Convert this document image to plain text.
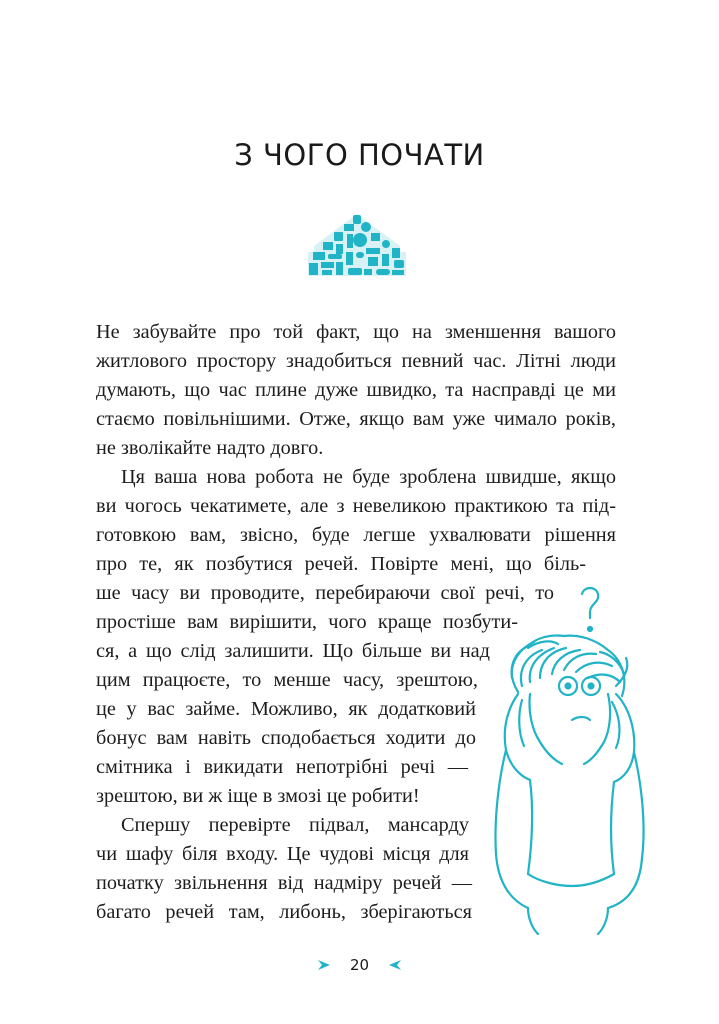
З ЧОГО ПОЧАТИ

Не забувайте про той факт, що на зменшення вашого

житлового простору знадобиться певний час. Літні люди

думають, що час плине дуже швидко, та насправді це ми

стаємо повільнішими. Отже, якщо вам уже чимало років,

не зволікайте надто довго.

Ця ваша нова робота не буде зроблена швидше, якщо

ви чогось чекатимете, але з невеликою практикою та під-

готовкою вам, звісно, буде легше ухвалювати рішення

про те, як позбутися речей. Повірте мені, що біль-

ше часу ви проводите, перебираючи свої речі, то

простіше вам вирішити, чого краще позбути-

ся, а що слід залишити. Що більше ви над

цим працюєте, то менше часу, зрештою,

це у вас займе. Можливо, як додатковий

бонус вам навіть сподобається ходити до

смітника і викидати непотрібні речі —

зрештою, ви ж іще в змозі це робити!

Спершу перевірте підвал, мансарду

чи шафу біля входу. Це чудові місця для

початку звільнення від надміру речей —

багато речей там, либонь, зберігаються

20
